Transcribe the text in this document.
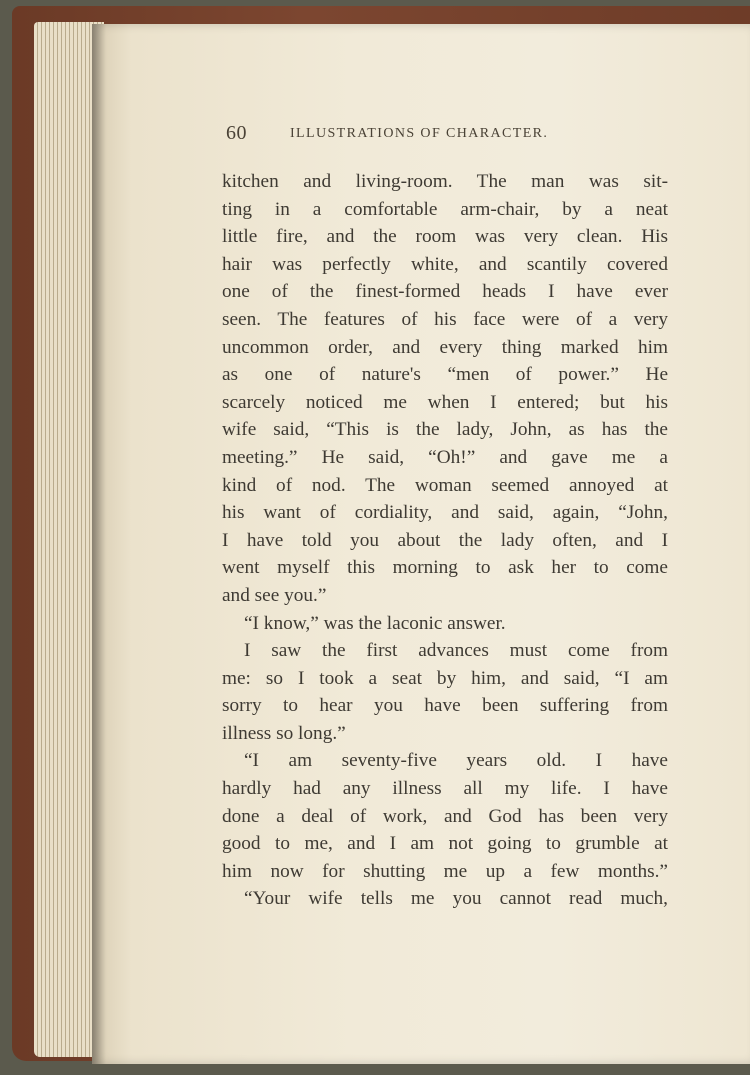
60	ILLUSTRATIONS OF CHARACTER.
kitchen and living-room. The man was sit-
ting in a comfortable arm-chair, by a neat
little fire, and the room was very clean. His
hair was perfectly white, and scantily covered
one of the finest-formed heads I have ever
seen. The features of his face were of a very
uncommon order, and every thing marked him
as one of nature's “men of power.” He
scarcely noticed me when I entered; but his
wife said, “This is the lady, John, as has the
meeting.” He said, “Oh!” and gave me a
kind of nod. The woman seemed annoyed at
his want of cordiality, and said, again, “John,
I have told you about the lady often, and I
went myself this morning to ask her to come
and see you.”
“I know,” was the laconic answer.
I saw the first advances must come from
me: so I took a seat by him, and said, “I am
sorry to hear you have been suffering from
illness so long.”
“I am seventy-five years old. I have
hardly had any illness all my life. I have
done a deal of work, and God has been very
good to me, and I am not going to grumble at
him now for shutting me up a few months.”
“Your wife tells me you cannot read much,
